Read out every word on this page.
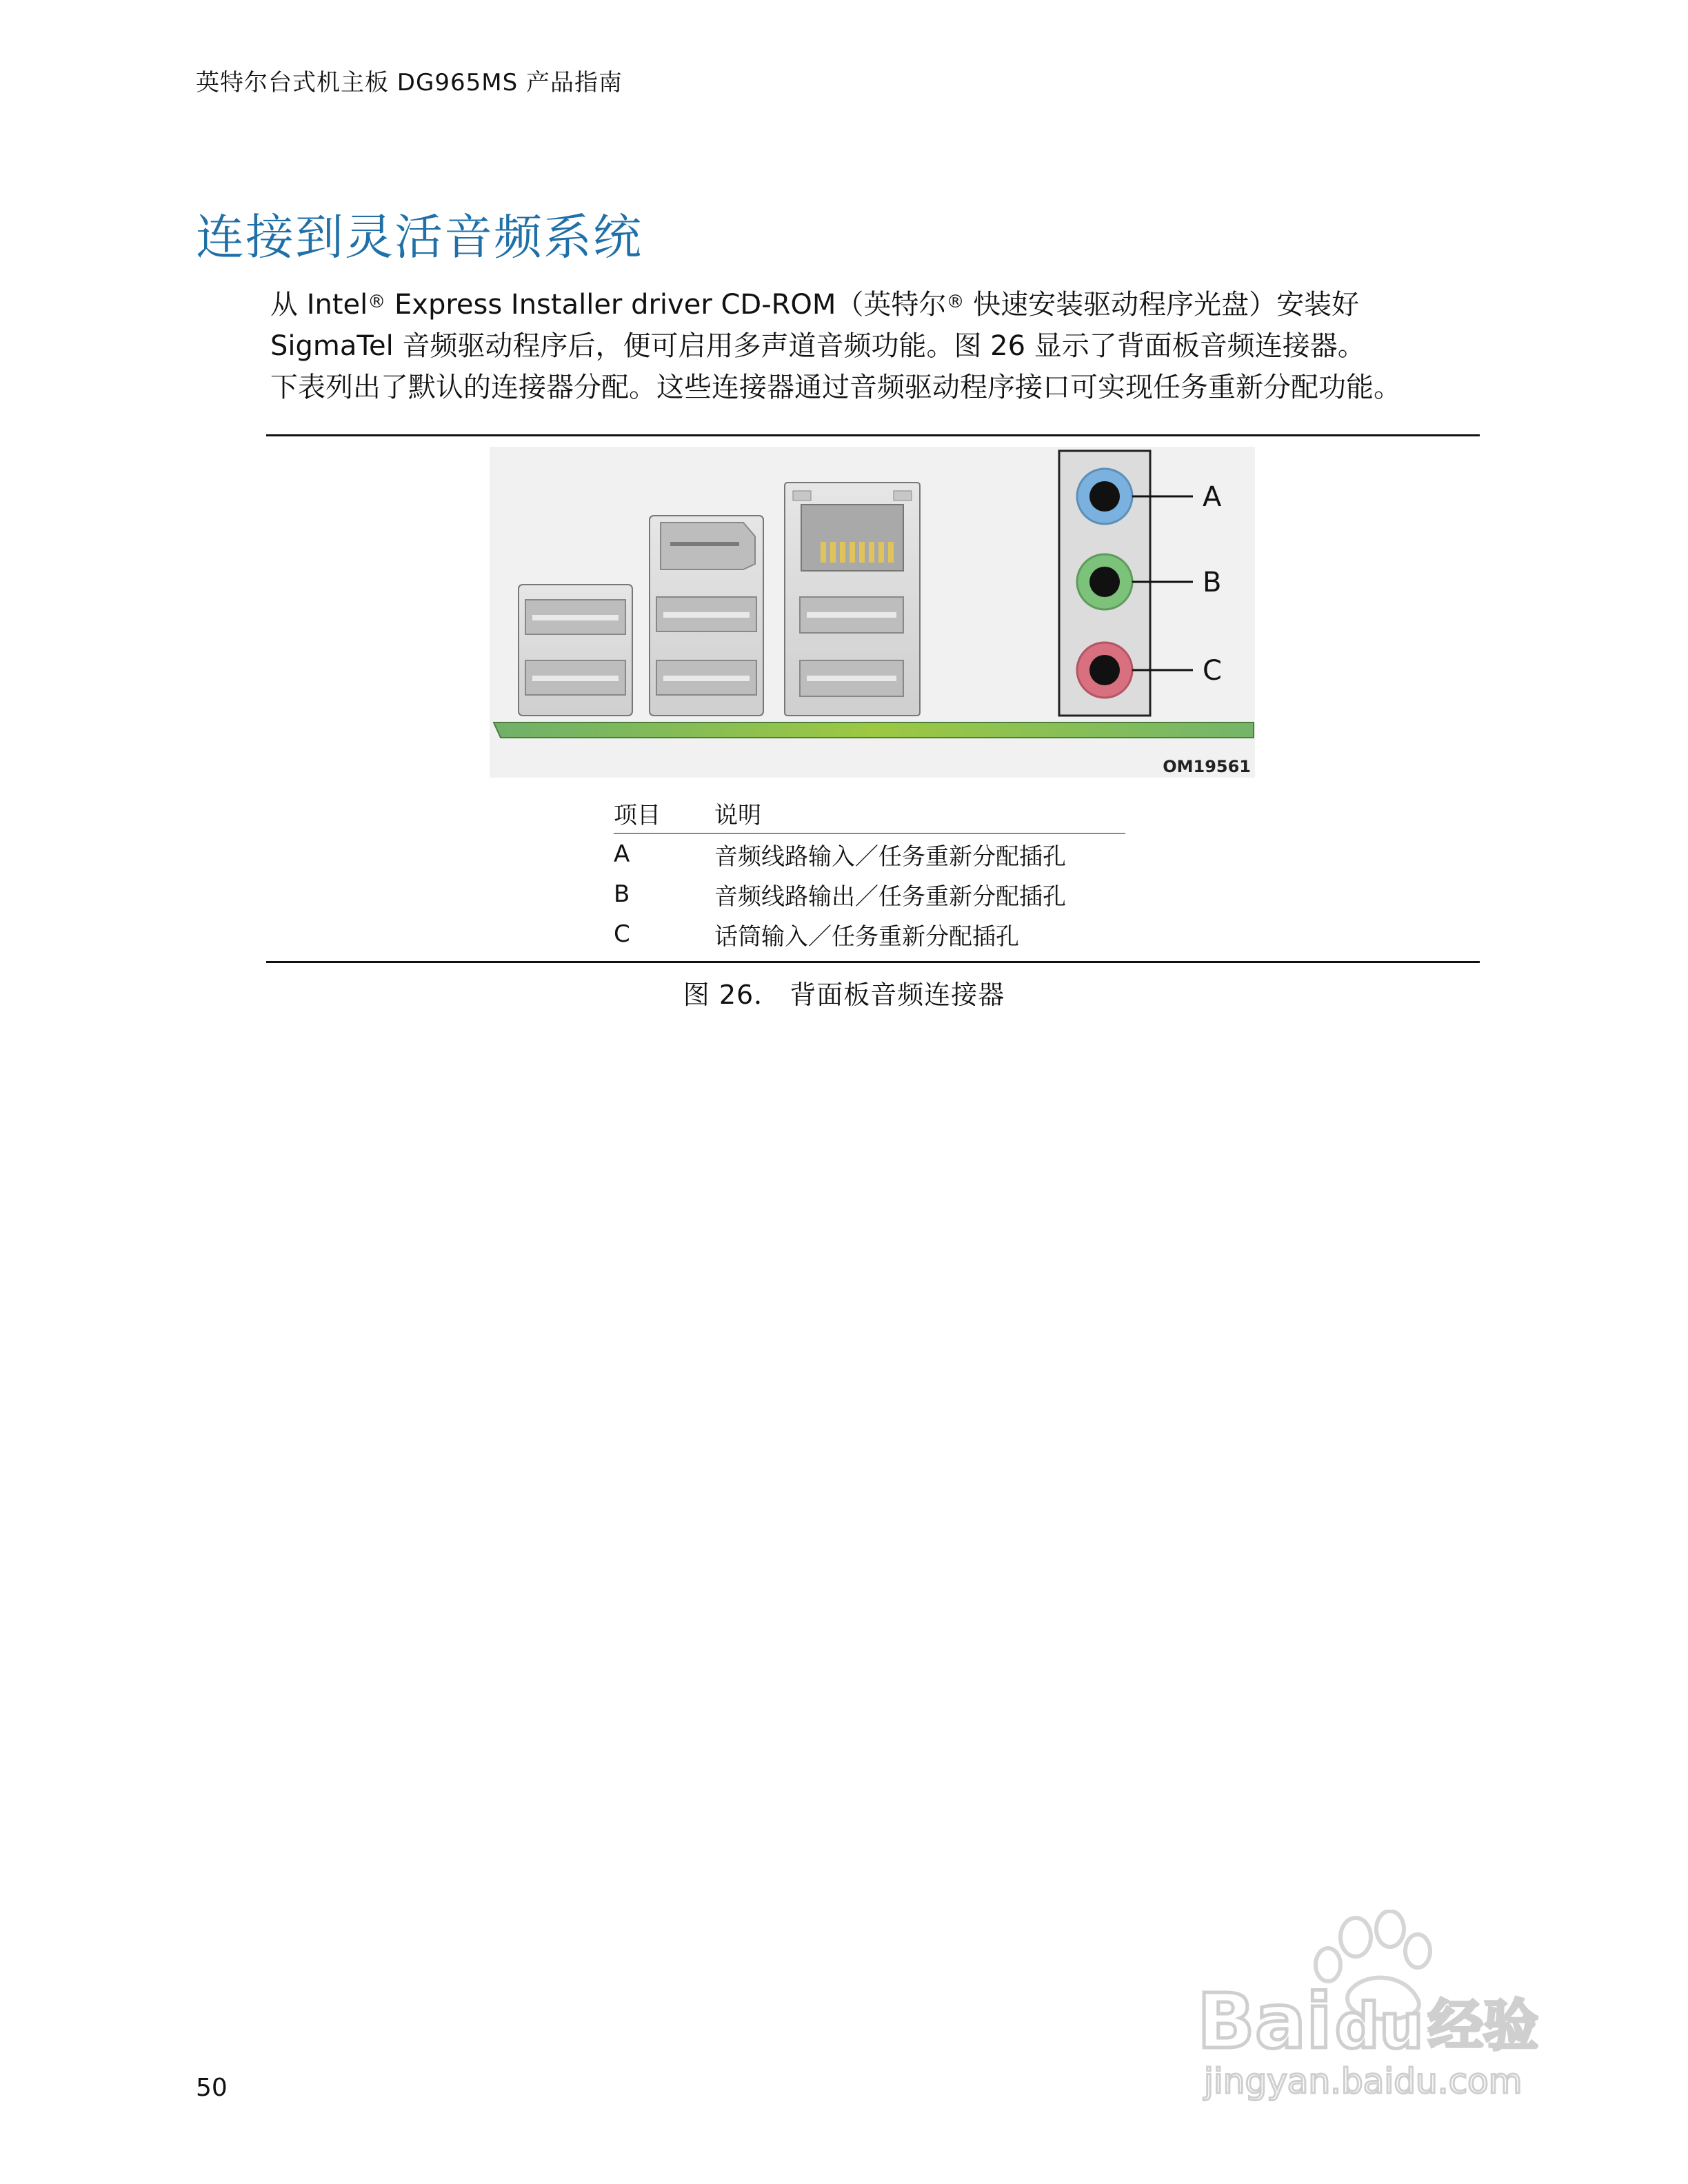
英特尔台式机主板 DG965MS 产品指南
连接到灵活音频系统

从 Intel® Express Installer driver CD-ROM（英特尔® 快速安装驱动程序光盘）安装好

SigmaTel 音频驱动程序后，便可启用多声道音频功能。图 26 显示了背面板音频连接器。

下表列出了默认的连接器分配。这些连接器通过音频驱动程序接口可实现任务重新分配功能。

A
B
C
OM19561
项目	说明
A	音频线路输入／任务重新分配插孔
B	音频线路输出／任务重新分配插孔
C	话筒输入／任务重新分配插孔
图 26． 背面板音频连接器
Bai du 经验
jingyan.baidu.com
50
